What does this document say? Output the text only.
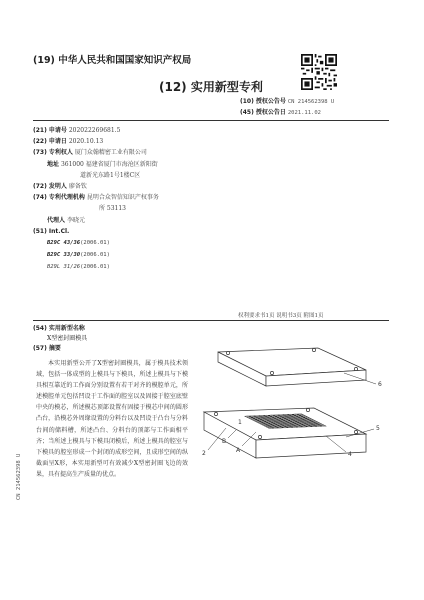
(19) 中华人民共和国国家知识产权局
(12) 实用新型专利
(10) 授权公告号 CN 214562398 U
(45) 授权公告日 2021.11.02
(21) 申请号 202022269681.5
(22) 申请日 2020.10.13
(73) 专利权人 厦门众翰精密工业有限公司
地址 361000 福建省厦门市海沧区新阳街
道新光东路1号1楼C区
(72) 发明人 廖备钦
(74) 专利代理机构 昆明合众智信知识产权事务
所 53113
代理人 李晓元
(51) Int.Cl.
B29C 43/36(2006.01)
B29C 33/30(2006.01)
B29L 31/26(2006.01)
权利要求书1页 说明书3页 附图1页
(54) 实用新型名称
X型密封圈模具
(57) 摘要
本实用新型公开了X型密封圈模具，属于模具技术领域，包括一体成型的上模具与下模具，所述上模具与下模具相互靠近的工作面分别设置有若干对齐的模腔单元，所述模腔单元包括凹设于工作面的腔室以及固接于腔室底壁中央的模芯，所述模芯顶部设置有固接于模芯中间的圆形凸台，沿模芯外周缘设置的分料台以及凹设于凸台与分料台间的储料槽，所述凸台、分料台的顶部与工作面相平齐；当所述上模具与下模具闭模后，所述上模具的腔室与下模具的腔室形成一个封闭的成形空间，且成形空间的纵截面呈X形，本实用新型可有效减少X型密封圈飞边的效果，具有提高生产质量的优点。
CN 214562398 U
6
5
4
2
B
A
1
